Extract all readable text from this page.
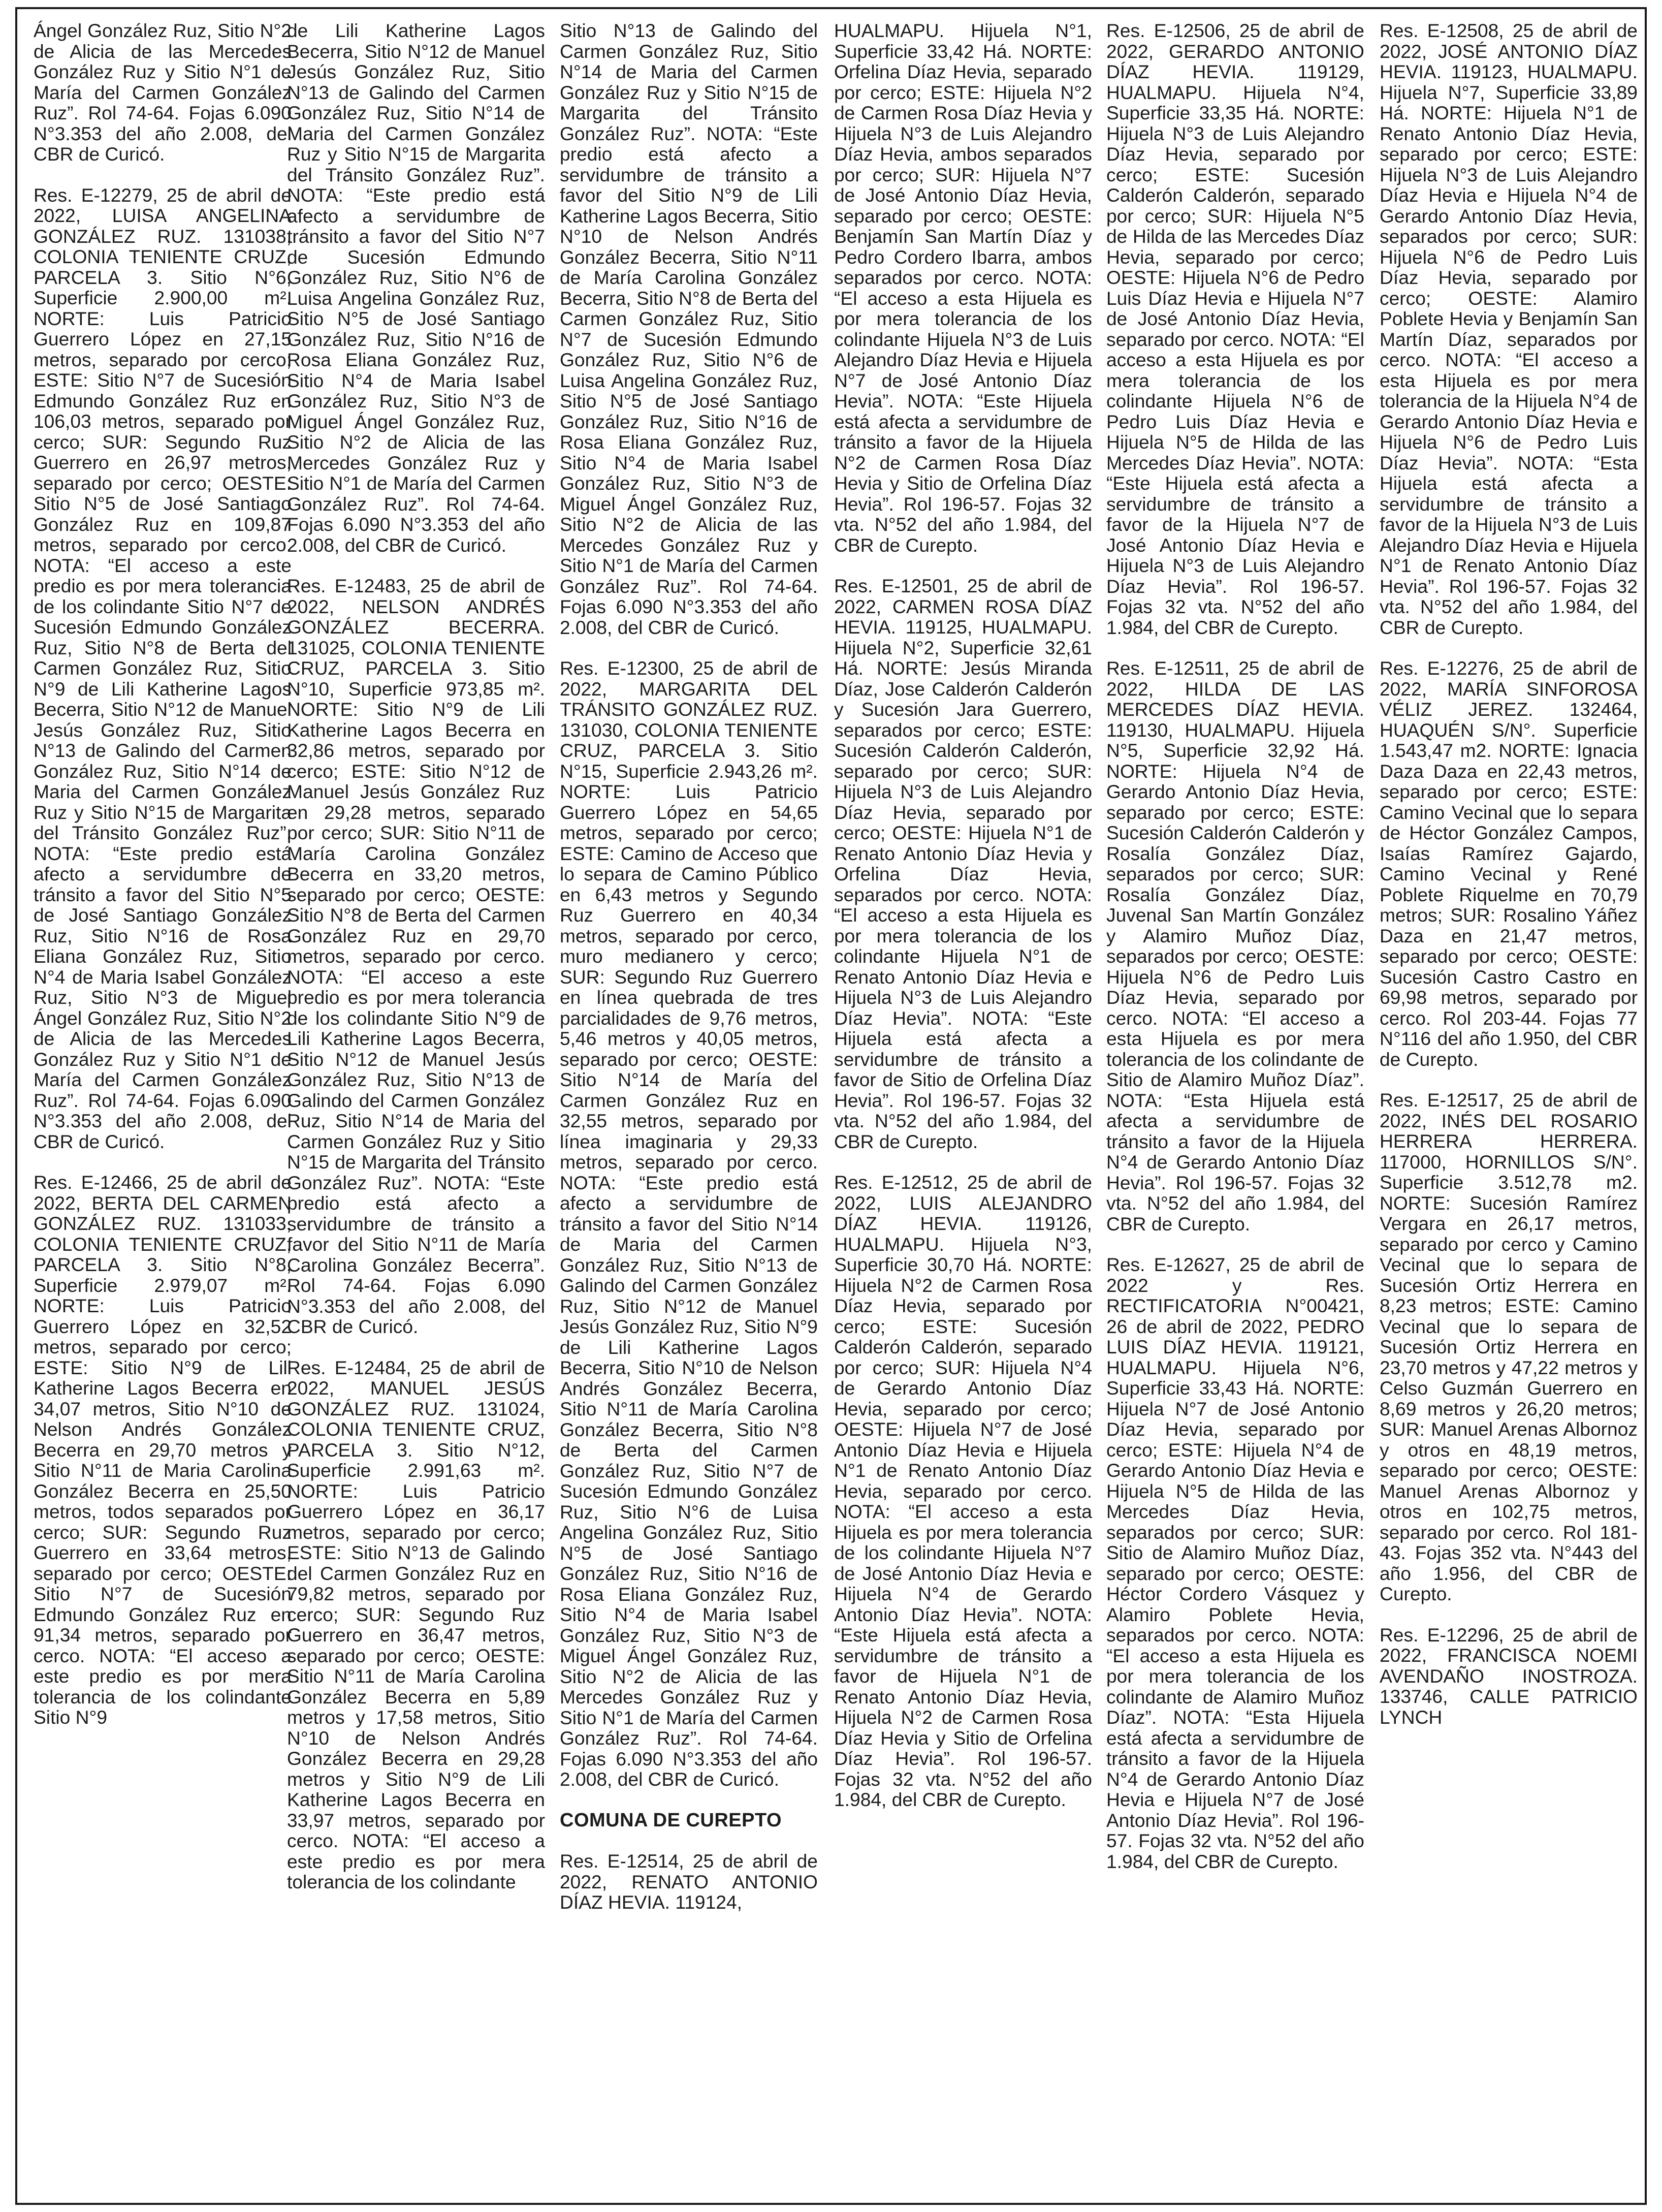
Ángel González Ruz, Sitio N°2 de Alicia de las Mercedes González Ruz y Sitio N°1 de María del Carmen González Ruz”. Rol 74-64. Fojas 6.090 N°3.353 del año 2.008, del CBR de Curicó.

Res. E-12279, 25 de abril de 2022, LUISA ANGELINA GONZÁLEZ RUZ. 131038, COLONIA TENIENTE CRUZ, PARCELA 3. Sitio N°6, Superficie 2.900,00 m². NORTE: Luis Patricio Guerrero López en 27,15 metros, separado por cerco; ESTE: Sitio N°7 de Sucesión Edmundo González Ruz en 106,03 metros, separado por cerco; SUR: Segundo Ruz Guerrero en 26,97 metros, separado por cerco; OESTE: Sitio N°5 de José Santiago González Ruz en 109,87 metros, separado por cerco. NOTA: “El acceso a este predio es por mera tolerancia de los colindante Sitio N°7 de Sucesión Edmundo González Ruz, Sitio N°8 de Berta del Carmen González Ruz, Sitio N°9 de Lili Katherine Lagos Becerra, Sitio N°12 de Manuel Jesús González Ruz, Sitio N°13 de Galindo del Carmen González Ruz, Sitio N°14 de Maria del Carmen González Ruz y Sitio N°15 de Margarita del Tránsito González Ruz”. NOTA: “Este predio está afecto a servidumbre de tránsito a favor del Sitio N°5 de José Santiago González Ruz, Sitio N°16 de Rosa Eliana González Ruz, Sitio N°4 de Maria Isabel González Ruz, Sitio N°3 de Miguel Ángel González Ruz, Sitio N°2 de Alicia de las Mercedes González Ruz y Sitio N°1 de María del Carmen González Ruz”. Rol 74-64. Fojas 6.090 N°3.353 del año 2.008, del CBR de Curicó.

Res. E-12466, 25 de abril de 2022, BERTA DEL CARMEN GONZÁLEZ RUZ. 131033, COLONIA TENIENTE CRUZ, PARCELA 3. Sitio N°8, Superficie 2.979,07 m². NORTE: Luis Patricio Guerrero López en 32,52 metros, separado por cerco; ESTE: Sitio N°9 de Lili Katherine Lagos Becerra en 34,07 metros, Sitio N°10 de Nelson Andrés González Becerra en 29,70 metros y Sitio N°11 de Maria Carolina González Becerra en 25,50 metros, todos separados por cerco; SUR: Segundo Ruz Guerrero en 33,64 metros, separado por cerco; OESTE: Sitio N°7 de Sucesión Edmundo González Ruz en 91,34 metros, separado por cerco. NOTA: “El acceso a este predio es por mera tolerancia de los colindante Sitio N°9

de Lili Katherine Lagos Becerra, Sitio N°12 de Manuel Jesús González Ruz, Sitio N°13 de Galindo del Carmen González Ruz, Sitio N°14 de Maria del Carmen González Ruz y Sitio N°15 de Margarita del Tránsito González Ruz”. NOTA: “Este predio está afecto a servidumbre de tránsito a favor del Sitio N°7 de Sucesión Edmundo González Ruz, Sitio N°6 de Luisa Angelina González Ruz, Sitio N°5 de José Santiago González Ruz, Sitio N°16 de Rosa Eliana González Ruz, Sitio N°4 de Maria Isabel González Ruz, Sitio N°3 de Miguel Ángel González Ruz, Sitio N°2 de Alicia de las Mercedes González Ruz y Sitio N°1 de María del Carmen González Ruz”. Rol 74-64. Fojas 6.090 N°3.353 del año 2.008, del CBR de Curicó.

Res. E-12483, 25 de abril de 2022, NELSON ANDRÉS GONZÁLEZ BECERRA. 131025, COLONIA TENIENTE CRUZ, PARCELA 3. Sitio N°10, Superficie 973,85 m². NORTE: Sitio N°9 de Lili Katherine Lagos Becerra en 32,86 metros, separado por cerco; ESTE: Sitio N°12 de Manuel Jesús González Ruz en 29,28 metros, separado por cerco; SUR: Sitio N°11 de María Carolina González Becerra en 33,20 metros, separado por cerco; OESTE: Sitio N°8 de Berta del Carmen González Ruz en 29,70 metros, separado por cerco. NOTA: “El acceso a este predio es por mera tolerancia de los colindante Sitio N°9 de Lili Katherine Lagos Becerra, Sitio N°12 de Manuel Jesús González Ruz, Sitio N°13 de Galindo del Carmen González Ruz, Sitio N°14 de Maria del Carmen González Ruz y Sitio N°15 de Margarita del Tránsito González Ruz”. NOTA: “Este predio está afecto a servidumbre de tránsito a favor del Sitio N°11 de María Carolina González Becerra”. Rol 74-64. Fojas 6.090 N°3.353 del año 2.008, del CBR de Curicó.

Res. E-12484, 25 de abril de 2022, MANUEL JESÚS GONZÁLEZ RUZ. 131024, COLONIA TENIENTE CRUZ, PARCELA 3. Sitio N°12, Superficie 2.991,63 m². NORTE: Luis Patricio Guerrero López en 36,17 metros, separado por cerco; ESTE: Sitio N°13 de Galindo del Carmen González Ruz en 79,82 metros, separado por cerco; SUR: Segundo Ruz Guerrero en 36,47 metros, separado por cerco; OESTE: Sitio N°11 de María Carolina González Becerra en 5,89 metros y 17,58 metros, Sitio N°10 de Nelson Andrés González Becerra en 29,28 metros y Sitio N°9 de Lili Katherine Lagos Becerra en 33,97 metros, separado por cerco. NOTA: “El acceso a este predio es por mera tolerancia de los colindante

Sitio N°13 de Galindo del Carmen González Ruz, Sitio N°14 de Maria del Carmen González Ruz y Sitio N°15 de Margarita del Tránsito González Ruz”. NOTA: “Este predio está afecto a servidumbre de tránsito a favor del Sitio N°9 de Lili Katherine Lagos Becerra, Sitio N°10 de Nelson Andrés González Becerra, Sitio N°11 de María Carolina González Becerra, Sitio N°8 de Berta del Carmen González Ruz, Sitio N°7 de Sucesión Edmundo González Ruz, Sitio N°6 de Luisa Angelina González Ruz, Sitio N°5 de José Santiago González Ruz, Sitio N°16 de Rosa Eliana González Ruz, Sitio N°4 de Maria Isabel González Ruz, Sitio N°3 de Miguel Ángel González Ruz, Sitio N°2 de Alicia de las Mercedes González Ruz y Sitio N°1 de María del Carmen González Ruz”. Rol 74-64. Fojas 6.090 N°3.353 del año 2.008, del CBR de Curicó.

Res. E-12300, 25 de abril de 2022, MARGARITA DEL TRÁNSITO GONZÁLEZ RUZ. 131030, COLONIA TENIENTE CRUZ, PARCELA 3. Sitio N°15, Superficie 2.943,26 m². NORTE: Luis Patricio Guerrero López en 54,65 metros, separado por cerco; ESTE: Camino de Acceso que lo separa de Camino Público en 6,43 metros y Segundo Ruz Guerrero en 40,34 metros, separado por cerco, muro medianero y cerco; SUR: Segundo Ruz Guerrero en línea quebrada de tres parcialidades de 9,76 metros, 5,46 metros y 40,05 metros, separado por cerco; OESTE: Sitio N°14 de María del Carmen González Ruz en 32,55 metros, separado por línea imaginaria y 29,33 metros, separado por cerco. NOTA: “Este predio está afecto a servidumbre de tránsito a favor del Sitio N°14 de Maria del Carmen González Ruz, Sitio N°13 de Galindo del Carmen González Ruz, Sitio N°12 de Manuel Jesús González Ruz, Sitio N°9 de Lili Katherine Lagos Becerra, Sitio N°10 de Nelson Andrés González Becerra, Sitio N°11 de María Carolina González Becerra, Sitio N°8 de Berta del Carmen González Ruz, Sitio N°7 de Sucesión Edmundo González Ruz, Sitio N°6 de Luisa Angelina González Ruz, Sitio N°5 de José Santiago González Ruz, Sitio N°16 de Rosa Eliana González Ruz, Sitio N°4 de Maria Isabel González Ruz, Sitio N°3 de Miguel Ángel González Ruz, Sitio N°2 de Alicia de las Mercedes González Ruz y Sitio N°1 de María del Carmen González Ruz”. Rol 74-64. Fojas 6.090 N°3.353 del año 2.008, del CBR de Curicó.

COMUNA DE CUREPTO

Res. E-12514, 25 de abril de 2022, RENATO ANTONIO DÍAZ HEVIA. 119124,

HUALMAPU. Hijuela N°1, Superficie 33,42 Há. NORTE: Orfelina Díaz Hevia, separado por cerco; ESTE: Hijuela N°2 de Carmen Rosa Díaz Hevia y Hijuela N°3 de Luis Alejandro Díaz Hevia, ambos separados por cerco; SUR: Hijuela N°7 de José Antonio Díaz Hevia, separado por cerco; OESTE: Benjamín San Martín Díaz y Pedro Cordero Ibarra, ambos separados por cerco. NOTA: “El acceso a esta Hijuela es por mera tolerancia de los colindante Hijuela N°3 de Luis Alejandro Díaz Hevia e Hijuela N°7 de José Antonio Díaz Hevia”. NOTA: “Este Hijuela está afecta a servidumbre de tránsito a favor de la Hijuela N°2 de Carmen Rosa Díaz Hevia y Sitio de Orfelina Díaz Hevia”. Rol 196-57. Fojas 32 vta. N°52 del año 1.984, del CBR de Curepto.

Res. E-12501, 25 de abril de 2022, CARMEN ROSA DÍAZ HEVIA. 119125, HUALMAPU. Hijuela N°2, Superficie 32,61 Há. NORTE: Jesús Miranda Díaz, Jose Calderón Calderón y Sucesión Jara Guerrero, separados por cerco; ESTE: Sucesión Calderón Calderón, separado por cerco; SUR: Hijuela N°3 de Luis Alejandro Díaz Hevia, separado por cerco; OESTE: Hijuela N°1 de Renato Antonio Díaz Hevia y Orfelina Díaz Hevia, separados por cerco. NOTA: “El acceso a esta Hijuela es por mera tolerancia de los colindante Hijuela N°1 de Renato Antonio Díaz Hevia e Hijuela N°3 de Luis Alejandro Díaz Hevia”. NOTA: “Este Hijuela está afecta a servidumbre de tránsito a favor de Sitio de Orfelina Díaz Hevia”. Rol 196-57. Fojas 32 vta. N°52 del año 1.984, del CBR de Curepto.

Res. E-12512, 25 de abril de 2022, LUIS ALEJANDRO DÍAZ HEVIA. 119126, HUALMAPU. Hijuela N°3, Superficie 30,70 Há. NORTE: Hijuela N°2 de Carmen Rosa Díaz Hevia, separado por cerco; ESTE: Sucesión Calderón Calderón, separado por cerco; SUR: Hijuela N°4 de Gerardo Antonio Díaz Hevia, separado por cerco; OESTE: Hijuela N°7 de José Antonio Díaz Hevia e Hijuela N°1 de Renato Antonio Díaz Hevia, separado por cerco. NOTA: “El acceso a esta Hijuela es por mera tolerancia de los colindante Hijuela N°7 de José Antonio Díaz Hevia e Hijuela N°4 de Gerardo Antonio Díaz Hevia”. NOTA: “Este Hijuela está afecta a servidumbre de tránsito a favor de Hijuela N°1 de Renato Antonio Díaz Hevia, Hijuela N°2 de Carmen Rosa Díaz Hevia y Sitio de Orfelina Díaz Hevia”. Rol 196-57. Fojas 32 vta. N°52 del año 1.984, del CBR de Curepto.

Res. E-12506, 25 de abril de 2022, GERARDO ANTONIO DÍAZ HEVIA. 119129, HUALMAPU. Hijuela N°4, Superficie 33,35 Há. NORTE: Hijuela N°3 de Luis Alejandro Díaz Hevia, separado por cerco; ESTE: Sucesión Calderón Calderón, separado por cerco; SUR: Hijuela N°5 de Hilda de las Mercedes Díaz Hevia, separado por cerco; OESTE: Hijuela N°6 de Pedro Luis Díaz Hevia e Hijuela N°7 de José Antonio Díaz Hevia, separado por cerco. NOTA: “El acceso a esta Hijuela es por mera tolerancia de los colindante Hijuela N°6 de Pedro Luis Díaz Hevia e Hijuela N°5 de Hilda de las Mercedes Díaz Hevia”. NOTA: “Este Hijuela está afecta a servidumbre de tránsito a favor de la Hijuela N°7 de José Antonio Díaz Hevia e Hijuela N°3 de Luis Alejandro Díaz Hevia”. Rol 196-57. Fojas 32 vta. N°52 del año 1.984, del CBR de Curepto.

Res. E-12511, 25 de abril de 2022, HILDA DE LAS MERCEDES DÍAZ HEVIA. 119130, HUALMAPU. Hijuela N°5, Superficie 32,92 Há. NORTE: Hijuela N°4 de Gerardo Antonio Díaz Hevia, separado por cerco; ESTE: Sucesión Calderón Calderón y Rosalía González Díaz, separados por cerco; SUR: Rosalía González Díaz, Juvenal San Martín González y Alamiro Muñoz Díaz, separados por cerco; OESTE: Hijuela N°6 de Pedro Luis Díaz Hevia, separado por cerco. NOTA: “El acceso a esta Hijuela es por mera tolerancia de los colindante de Sitio de Alamiro Muñoz Díaz”. NOTA: “Esta Hijuela está afecta a servidumbre de tránsito a favor de la Hijuela N°4 de Gerardo Antonio Díaz Hevia”. Rol 196-57. Fojas 32 vta. N°52 del año 1.984, del CBR de Curepto.

Res. E-12627, 25 de abril de 2022 y Res. RECTIFICATORIA N°00421, 26 de abril de 2022, PEDRO LUIS DÍAZ HEVIA. 119121, HUALMAPU. Hijuela N°6, Superficie 33,43 Há. NORTE: Hijuela N°7 de José Antonio Díaz Hevia, separado por cerco; ESTE: Hijuela N°4 de Gerardo Antonio Díaz Hevia e Hijuela N°5 de Hilda de las Mercedes Díaz Hevia, separados por cerco; SUR: Sitio de Alamiro Muñoz Díaz, separado por cerco; OESTE: Héctor Cordero Vásquez y Alamiro Poblete Hevia, separados por cerco. NOTA: “El acceso a esta Hijuela es por mera tolerancia de los colindante de Alamiro Muñoz Díaz”. NOTA: “Esta Hijuela está afecta a servidumbre de tránsito a favor de la Hijuela N°4 de Gerardo Antonio Díaz Hevia e Hijuela N°7 de José Antonio Díaz Hevia”. Rol 196-57. Fojas 32 vta. N°52 del año 1.984, del CBR de Curepto.

Res. E-12508, 25 de abril de 2022, JOSÉ ANTONIO DÍAZ HEVIA. 119123, HUALMAPU. Hijuela N°7, Superficie 33,89 Há. NORTE: Hijuela N°1 de Renato Antonio Díaz Hevia, separado por cerco; ESTE: Hijuela N°3 de Luis Alejandro Díaz Hevia e Hijuela N°4 de Gerardo Antonio Díaz Hevia, separados por cerco; SUR: Hijuela N°6 de Pedro Luis Díaz Hevia, separado por cerco; OESTE: Alamiro Poblete Hevia y Benjamín San Martín Díaz, separados por cerco. NOTA: “El acceso a esta Hijuela es por mera tolerancia de la Hijuela N°4 de Gerardo Antonio Díaz Hevia e Hijuela N°6 de Pedro Luis Díaz Hevia”. NOTA: “Esta Hijuela está afecta a servidumbre de tránsito a favor de la Hijuela N°3 de Luis Alejandro Díaz Hevia e Hijuela N°1 de Renato Antonio Díaz Hevia”. Rol 196-57. Fojas 32 vta. N°52 del año 1.984, del CBR de Curepto.

Res. E-12276, 25 de abril de 2022, MARÍA SINFOROSA VÉLIZ JEREZ. 132464, HUAQUÉN S/N°. Superficie 1.543,47 m2. NORTE: Ignacia Daza Daza en 22,43 metros, separado por cerco; ESTE: Camino Vecinal que lo separa de Héctor González Campos, Isaías Ramírez Gajardo, Camino Vecinal y René Poblete Riquelme en 70,79 metros; SUR: Rosalino Yáñez Daza en 21,47 metros, separado por cerco; OESTE: Sucesión Castro Castro en 69,98 metros, separado por cerco. Rol 203-44. Fojas 77 N°116 del año 1.950, del CBR de Curepto.

Res. E-12517, 25 de abril de 2022, INÉS DEL ROSARIO HERRERA HERRERA. 117000, HORNILLOS S/N°. Superficie 3.512,78 m2. NORTE: Sucesión Ramírez Vergara en 26,17 metros, separado por cerco y Camino Vecinal que lo separa de Sucesión Ortiz Herrera en 8,23 metros; ESTE: Camino Vecinal que lo separa de Sucesión Ortiz Herrera en 23,70 metros y 47,22 metros y Celso Guzmán Guerrero en 8,69 metros y 26,20 metros; SUR: Manuel Arenas Albornoz y otros en 48,19 metros, separado por cerco; OESTE: Manuel Arenas Albornoz y otros en 102,75 metros, separado por cerco. Rol 181-43. Fojas 352 vta. N°443 del año 1.956, del CBR de Curepto.

Res. E-12296, 25 de abril de 2022, FRANCISCA NOEMI AVENDAÑO INOSTROZA. 133746, CALLE PATRICIO LYNCH
